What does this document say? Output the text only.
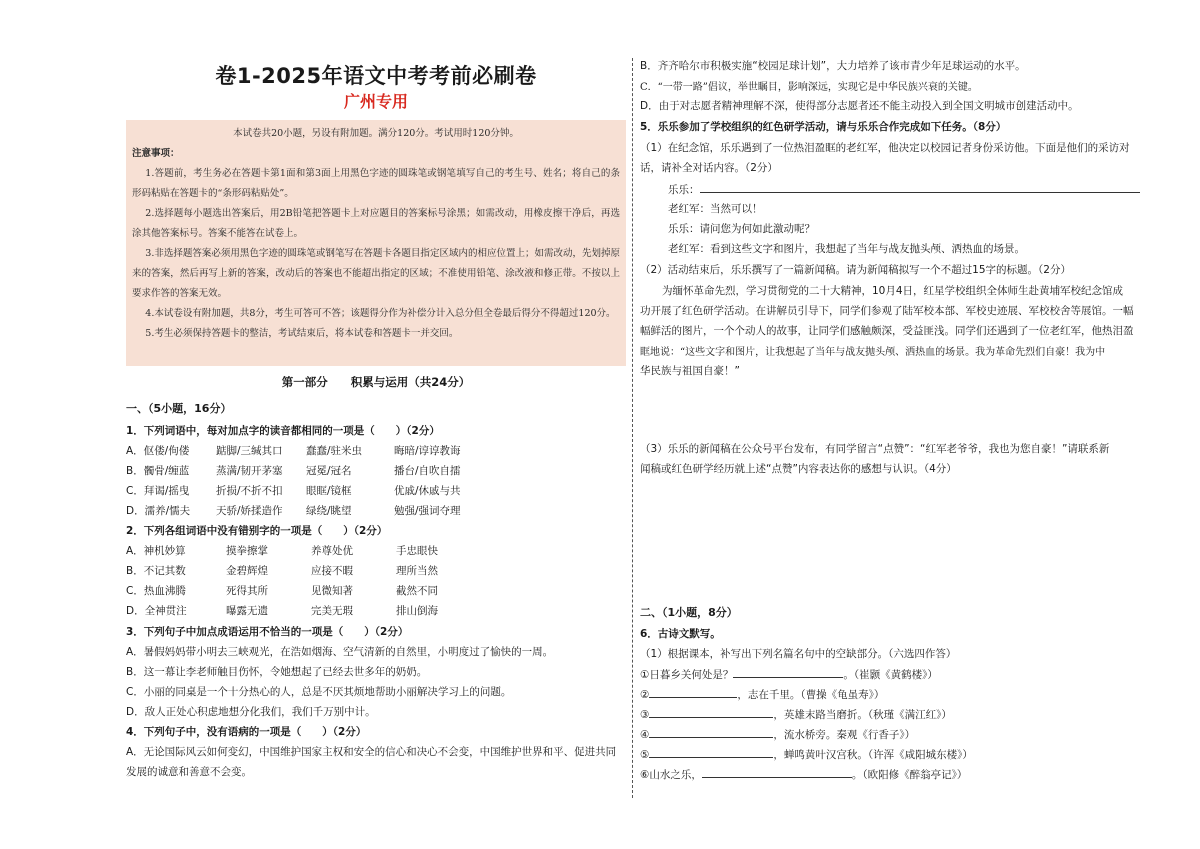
卷1-2025年语文中考考前必刷卷
广州专用

本试卷共20小题，另设有附加题。满分120分。考试用时120分钟。

注意事项：

1.答题前，考生务必在答题卡第1面和第3面上用黑色字迹的圆珠笔或钢笔填写自己的考生号、姓名；将自己的条形码粘贴在答题卡的“条形码粘贴处”。

2.选择题每小题选出答案后，用2B铅笔把答题卡上对应题目的答案标号涂黑；如需改动，用橡皮擦干净后，再选涂其他答案标号。答案不能答在试卷上。

3.非选择题答案必须用黑色字迹的圆珠笔或钢笔写在答题卡各题目指定区域内的相应位置上；如需改动，先划掉原来的答案，然后再写上新的答案，改动后的答案也不能超出指定的区域；不准使用铅笔、涂改液和修正带。不按以上要求作答的答案无效。

4.本试卷设有附加题，共8分，考生可答可不答；该题得分作为补偿分计入总分但全卷最后得分不得超过120分。

5.考生必须保持答题卡的整洁，考试结束后，将本试卷和答题卡一并交回。

第一部分　　积累与运用（共24分）
一、（5小题，16分）
1．下列词语中，每对加点字的读音都相同的一项是（　　）（2分）
A．伛偻/佝偻	踮脚/三缄其口 蠢蠢/驻米虫	晦暗/谆谆教诲
B．髑骨/缠蓝	蒸满/韧开茅塞 冠冕/冠名	播台/自吹自擂
C．拜谒/摇曳	折损/不折不扣 眼眶/镜框	优戚/休戚与共
D．濡养/懦夫 天骄/娇揉造作 绿绕/眺望	勉强/强词夺理
2．下列各组词语中没有错别字的一项是（　　）（2分）
A．神机妙算	摸拳擦掌	养尊处优	手忠眼快
B．不记其数	金碧辉煌	应接不暇	理所当然
C．热血沸腾	死得其所	见微知著	截然不同
D．全神贯注	曝露无遗	完美无瑕	排山倒海
3．下列句子中加点成语运用不恰当的一项是（　　）（2分）
A．暑假妈妈带小明去三峡观光，在浩如烟海、空气清新的自然里，小明度过了愉快的一周。
B．这一幕让李老师触目伤怀，令她想起了已经去世多年的奶奶。
C．小丽的同桌是一个十分热心的人，总是不厌其烦地帮助小丽解决学习上的问题。
D．敌人正处心积虑地想分化我们，我们千万别中计。
4．下列句子中，没有语病的一项是（　　）（2分）
A．无论国际风云如何变幻，中国维护国家主权和安全的信心和决心不会变，中国维护世界和平、促进共同
发展的诚意和善意不会变。
B．齐齐哈尔市积极实施“校园足球计划”，大力培养了该市青少年足球运动的水平。
C．“一带一路”倡议，举世瞩目，影响深远，实现它是中华民族兴衰的关键。
D．由于对志愿者精神理解不深，使得部分志愿者还不能主动投入到全国文明城市创建活动中。
5．乐乐参加了学校组织的红色研学活动，请与乐乐合作完成如下任务。（8分）
（1）在纪念馆，乐乐遇到了一位热泪盈眶的老红军，他决定以校园记者身份采访他。下面是他们的采访对
话，请补全对话内容。（2分）
乐乐：
老红军：当然可以！
乐乐：请问您为何如此激动呢？
老红军：看到这些文字和图片，我想起了当年与战友抛头颅、洒热血的场景。
（2）活动结束后，乐乐撰写了一篇新闻稿。请为新闻稿拟写一个不超过15字的标题。（2分）
为缅怀革命先烈，学习贯彻党的二十大精神，10月4日，红星学校组织全体师生赴黄埔军校纪念馆成
功开展了红色研学活动。在讲解员引导下，同学们参观了陆军校本部、军校史迹展、军校校舍等展馆。一幅
幅鲜活的图片，一个个动人的故事，让同学们感触颇深，受益匪浅。同学们还遇到了一位老红军，他热泪盈
眶地说：“这些文字和图片，让我想起了当年与战友抛头颅、洒热血的场景。我为革命先烈们自豪！我为中
华民族与祖国自豪！”
（3）乐乐的新闻稿在公众号平台发布，有同学留言“点赞”：“红军老爷爷，我也为您自豪！”请联系新
闻稿或红色研学经历就上述“点赞”内容表达你的感想与认识。（4分）
二、（1小题，8分）
6．古诗文默写。
（1）根据课本，补写出下列名篇名句中的空缺部分。（六选四作答）
①日暮乡关何处是？	。（崔颢《黄鹤楼》）
②	，志在千里。（曹操《龟虽寿》）
③	，英雄末路当磨折。（秋瑾《满江红》）
④	，流水桥旁。秦观《行香子》）
⑤	，蝉鸣黄叶汉宫秋。（许浑《咸阳城东楼》）
⑥山水之乐，	。（欧阳修《醉翁亭记》）
